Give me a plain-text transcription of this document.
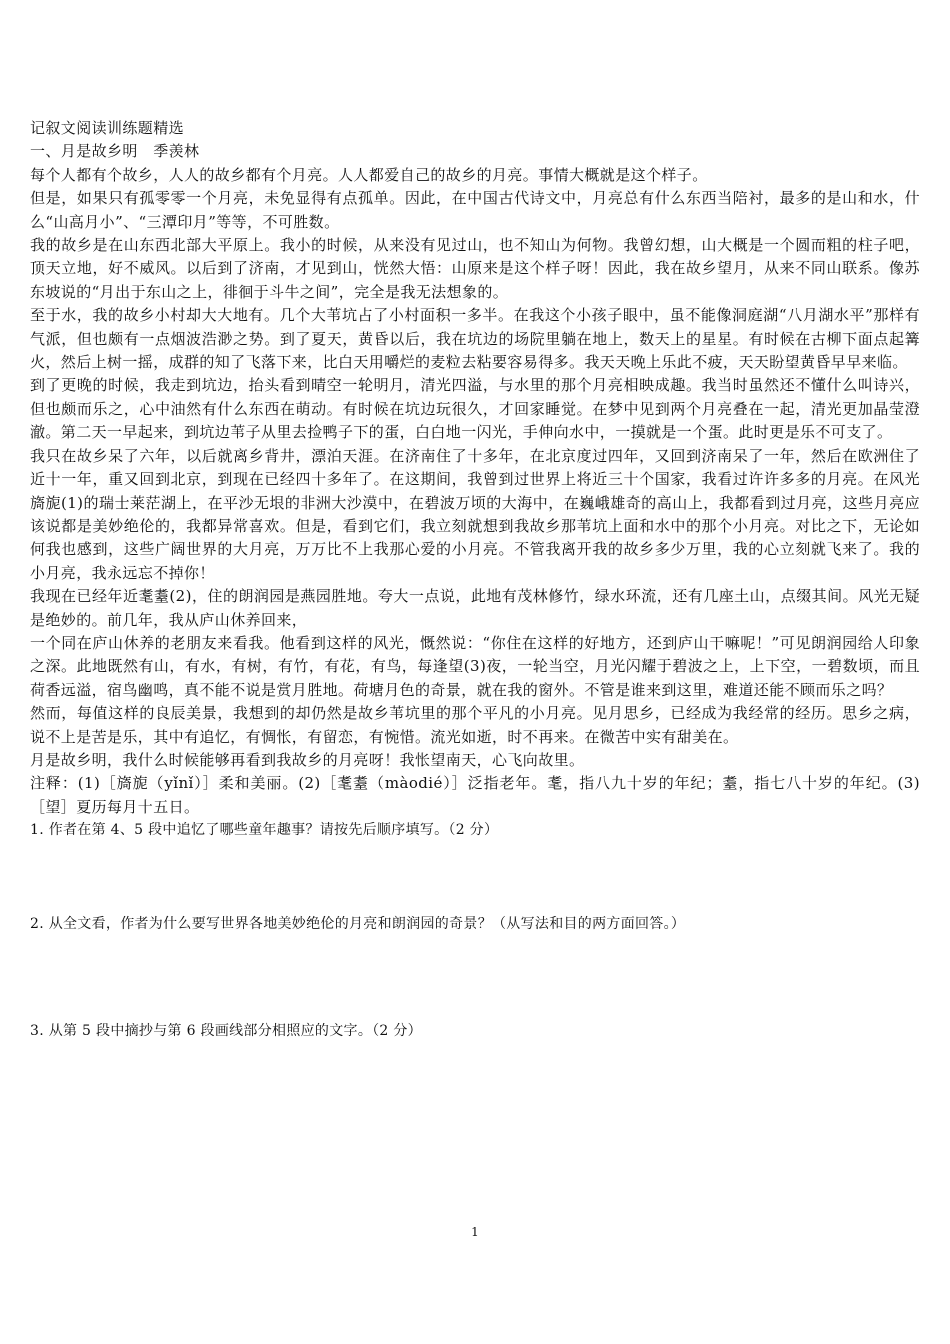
记叙文阅读训练题精选

一、月是故乡明　季羡林

每个人都有个故乡，人人的故乡都有个月亮。人人都爱自己的故乡的月亮。事情大概就是这个样子。

但是，如果只有孤零零一个月亮，未免显得有点孤单。因此，在中国古代诗文中，月亮总有什么东西当陪衬，最多的是山和水，什么“山高月小”、“三潭印月”等等，不可胜数。

我的故乡是在山东西北部大平原上。我小的时候，从来没有见过山，也不知山为何物。我曾幻想，山大概是一个圆而粗的柱子吧，顶天立地，好不威风。以后到了济南，才见到山，恍然大悟：山原来是这个样子呀！因此，我在故乡望月，从来不同山联系。像苏东坡说的“月出于东山之上，徘徊于斗牛之间”，完全是我无法想象的。

至于水，我的故乡小村却大大地有。几个大苇坑占了小村面积一多半。在我这个小孩子眼中，虽不能像洞庭湖“八月湖水平”那样有气派，但也颇有一点烟波浩渺之势。到了夏天，黄昏以后，我在坑边的场院里躺在地上，数天上的星星。有时候在古柳下面点起篝火，然后上树一摇，成群的知了飞落下来，比白天用嚼烂的麦粒去粘要容易得多。我天天晚上乐此不疲，天天盼望黄昏早早来临。

到了更晚的时候，我走到坑边，抬头看到晴空一轮明月，清光四溢，与水里的那个月亮相映成趣。我当时虽然还不懂什么叫诗兴，但也颇而乐之，心中油然有什么东西在萌动。有时候在坑边玩很久，才回家睡觉。在梦中见到两个月亮叠在一起，清光更加晶莹澄澈。第二天一早起来，到坑边苇子从里去捡鸭子下的蛋，白白地一闪光，手伸向水中，一摸就是一个蛋。此时更是乐不可支了。

我只在故乡呆了六年，以后就离乡背井，漂泊天涯。在济南住了十多年，在北京度过四年，又回到济南呆了一年，然后在欧洲住了近十一年，重又回到北京，到现在已经四十多年了。在这期间，我曾到过世界上将近三十个国家，我看过许许多多的月亮。在风光旖旎(1)的瑞士莱茫湖上，在平沙无垠的非洲大沙漠中，在碧波万顷的大海中，在巍峨雄奇的高山上，我都看到过月亮，这些月亮应该说都是美妙绝伦的，我都异常喜欢。但是，看到它们，我立刻就想到我故乡那苇坑上面和水中的那个小月亮。对比之下，无论如何我也感到，这些广阔世界的大月亮，万万比不上我那心爱的小月亮。不管我离开我的故乡多少万里，我的心立刻就飞来了。我的小月亮，我永远忘不掉你！

我现在已经年近耄耋(2)，住的朗润园是燕园胜地。夸大一点说，此地有茂林修竹，绿水环流，还有几座土山，点缀其间。风光无疑是绝妙的。前几年，我从庐山休养回来，

一个同在庐山休养的老朋友来看我。他看到这样的风光，慨然说：“你住在这样的好地方，还到庐山干嘛呢！”可见朗润园给人印象之深。此地既然有山，有水，有树，有竹，有花，有鸟，每逢望(3)夜，一轮当空，月光闪耀于碧波之上，上下空，一碧数顷，而且荷香远溢，宿鸟幽鸣，真不能不说是赏月胜地。荷塘月色的奇景，就在我的窗外。不管是谁来到这里，难道还能不顾而乐之吗？

然而，每值这样的良辰美景，我想到的却仍然是故乡苇坑里的那个平凡的小月亮。见月思乡，已经成为我经常的经历。思乡之病，说不上是苦是乐，其中有追忆，有惆怅，有留恋，有惋惜。流光如逝，时不再来。在微苦中实有甜美在。

月是故乡明，我什么时候能够再看到我故乡的月亮呀！我怅望南天，心飞向故里。

注释：(1)［旖旎（yǐnǐ）］柔和美丽。(2)［耄耋（màodié）］泛指老年。耄，指八九十岁的年纪；耋，指七八十岁的年纪。(3)［望］夏历每月十五日。

1. 作者在第 4、5 段中追忆了哪些童年趣事？请按先后顺序填写。（2 分）

2. 从全文看，作者为什么要写世界各地美妙绝伦的月亮和朗润园的奇景？（从写法和目的两方面回答。）

3. 从第 5 段中摘抄与第 6 段画线部分相照应的文字。（2 分）

1
